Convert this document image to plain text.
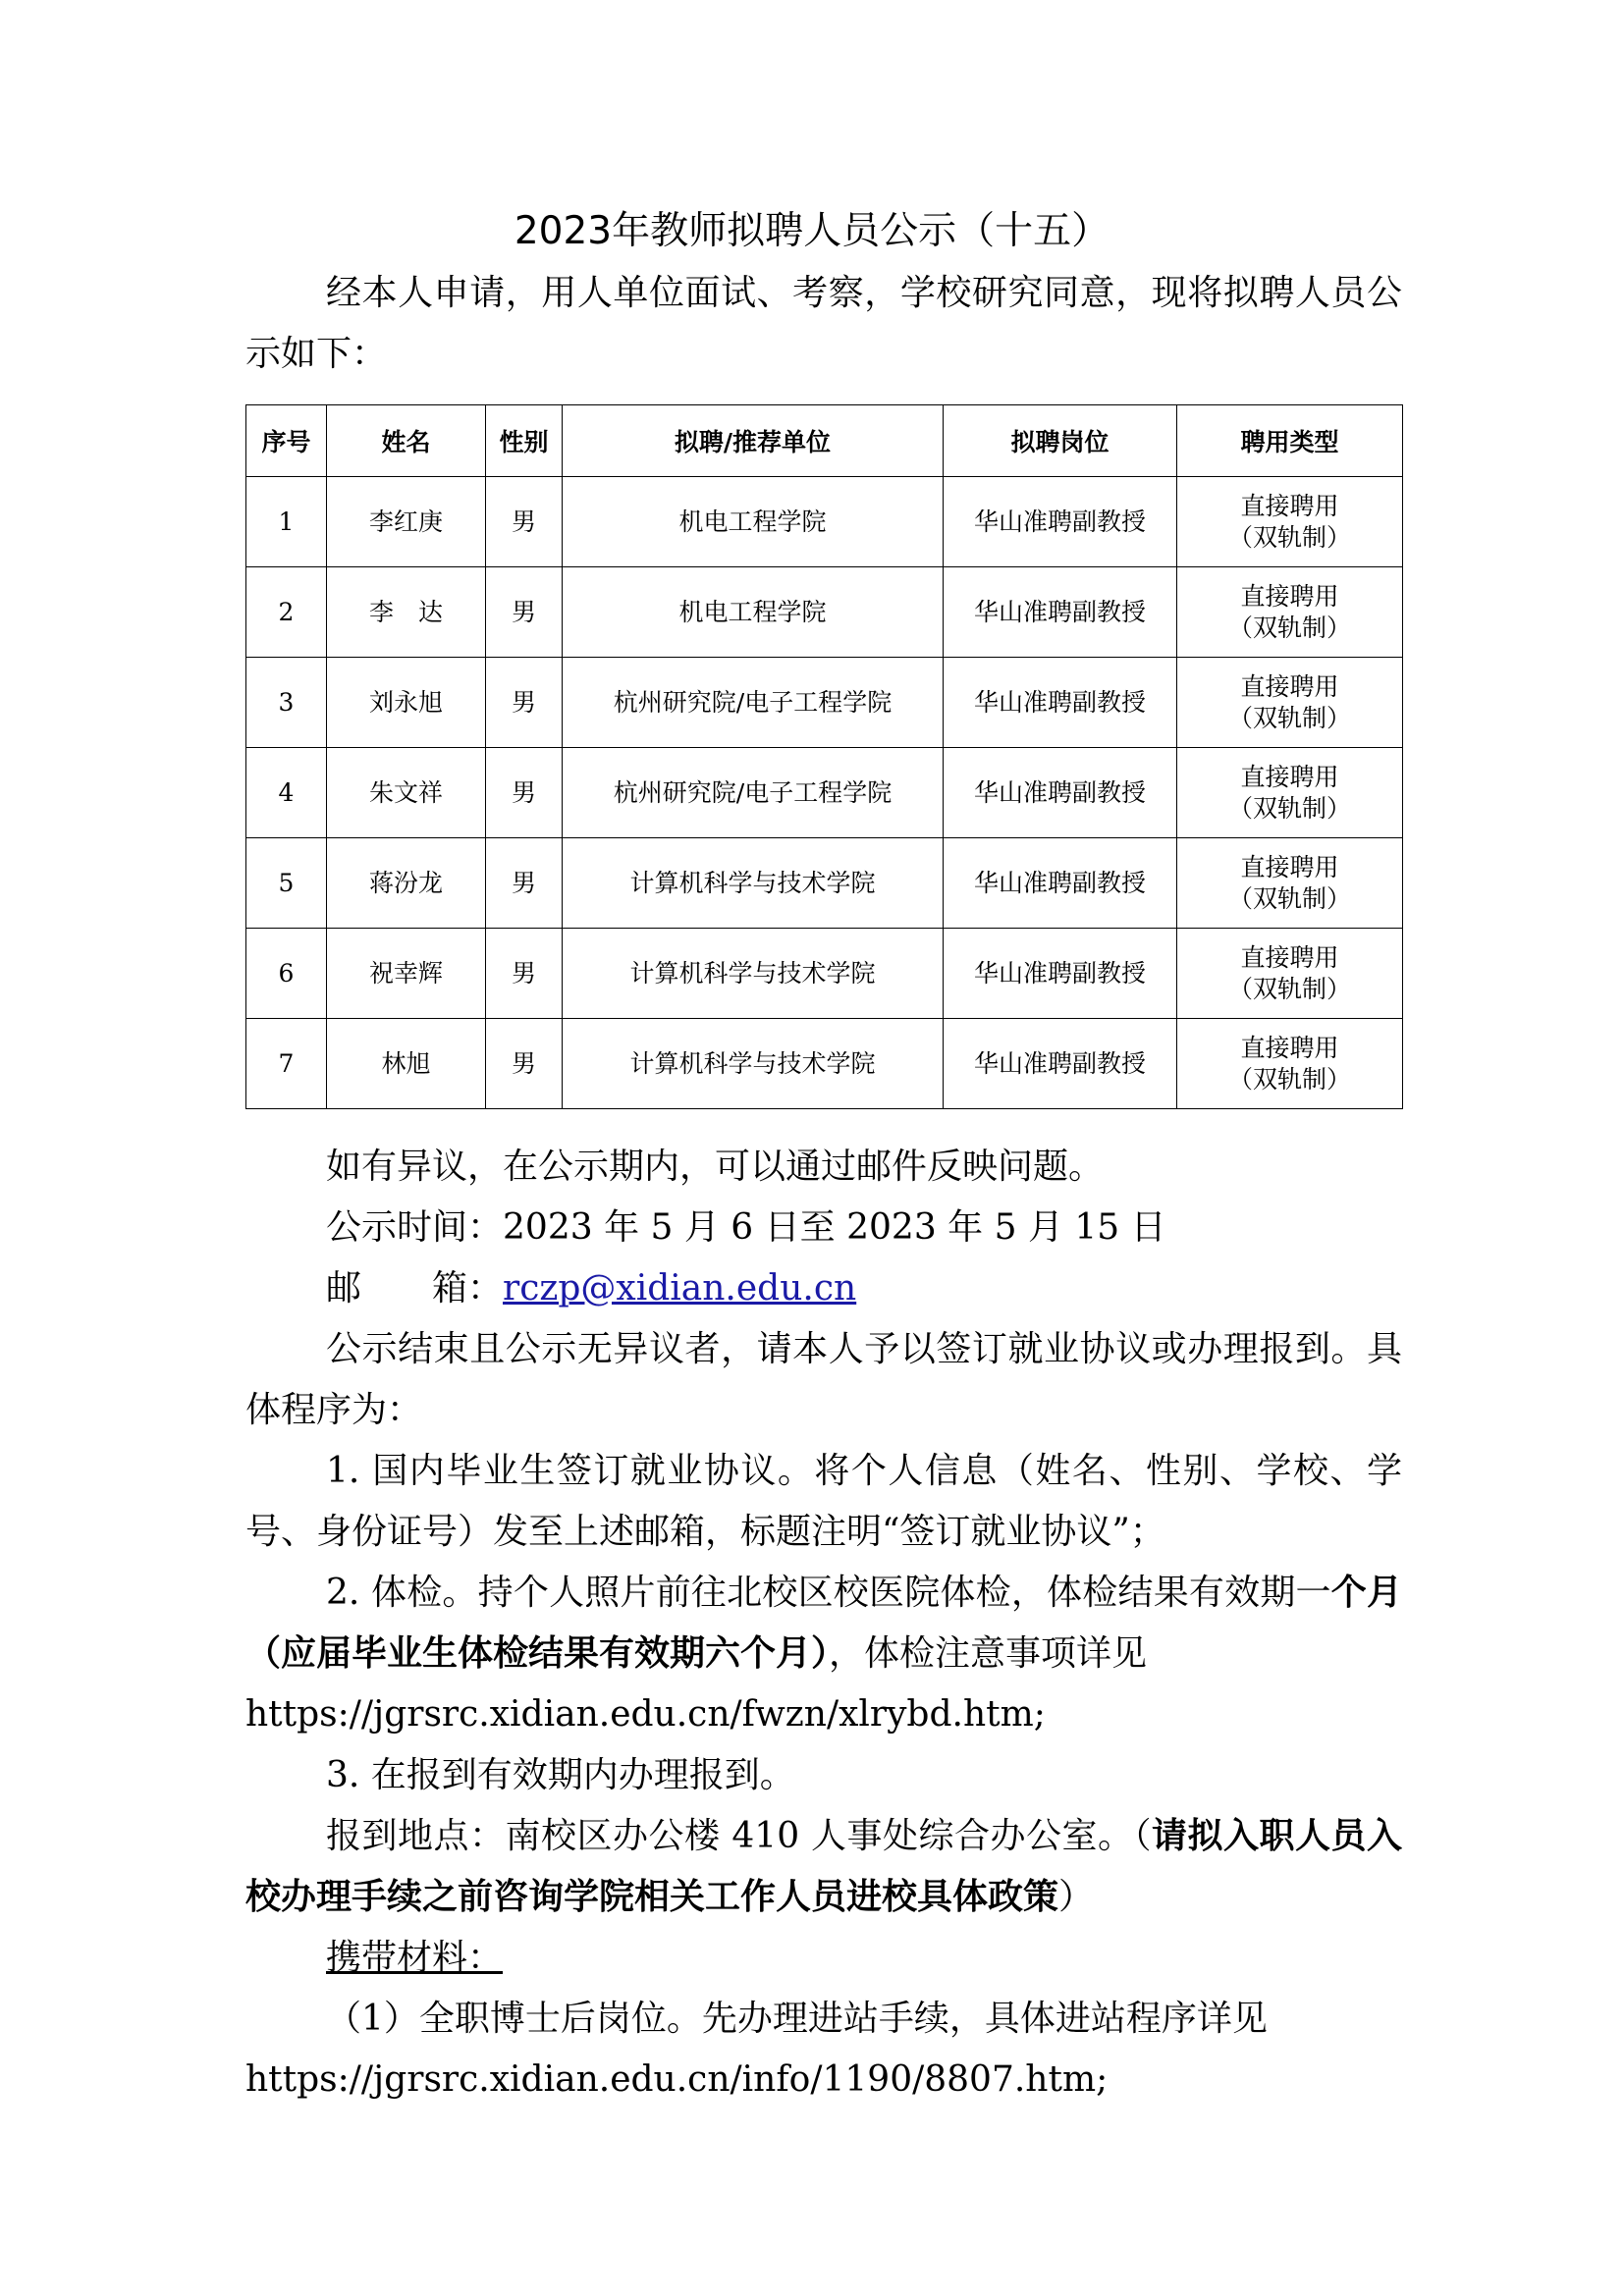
2023年教师拟聘人员公示（十五）

经本人申请，用人单位面试、考察，学校研究同意，现将拟聘人员公示如下：

序号	姓名	性别	拟聘/推荐单位	拟聘岗位	聘用类型
1	李红庚	男	机电工程学院	华山准聘副教授	直接聘用
（双轨制）

2	李　达	男	机电工程学院	华山准聘副教授	直接聘用
（双轨制）

3	刘永旭	男	杭州研究院/电子工程学院	华山准聘副教授	直接聘用
（双轨制）

4	朱文祥	男	杭州研究院/电子工程学院	华山准聘副教授	直接聘用
（双轨制）

5	蒋汾龙	男	计算机科学与技术学院	华山准聘副教授	直接聘用
（双轨制）

6	祝幸辉	男	计算机科学与技术学院	华山准聘副教授	直接聘用
（双轨制）

7	林旭	男	计算机科学与技术学院	华山准聘副教授	直接聘用
（双轨制）

如有异议，在公示期内，可以通过邮件反映问题。

公示时间：2023 年 5 月 6 日至 2023 年 5 月 15 日

邮　　箱：rczp@xidian.edu.cn

公示结束且公示无异议者，请本人予以签订就业协议或办理报到。具体程序为：

1. 国内毕业生签订就业协议。将个人信息（姓名、性别、学校、学号、身份证号）发至上述邮箱，标题注明“签订就业协议”；

2. 体检。持个人照片前往北校区校医院体检，体检结果有效期一个月（应届毕业生体检结果有效期六个月），体检注意事项详见
https://jgrsrc.xidian.edu.cn/fwzn/xlrybd.htm;

3. 在报到有效期内办理报到。

报到地点：南校区办公楼 410 人事处综合办公室。（请拟入职人员入校办理手续之前咨询学院相关工作人员进校具体政策）

携带材料：

（1）全职博士后岗位。先办理进站手续，具体进站程序详见
https://jgrsrc.xidian.edu.cn/info/1190/8807.htm;
